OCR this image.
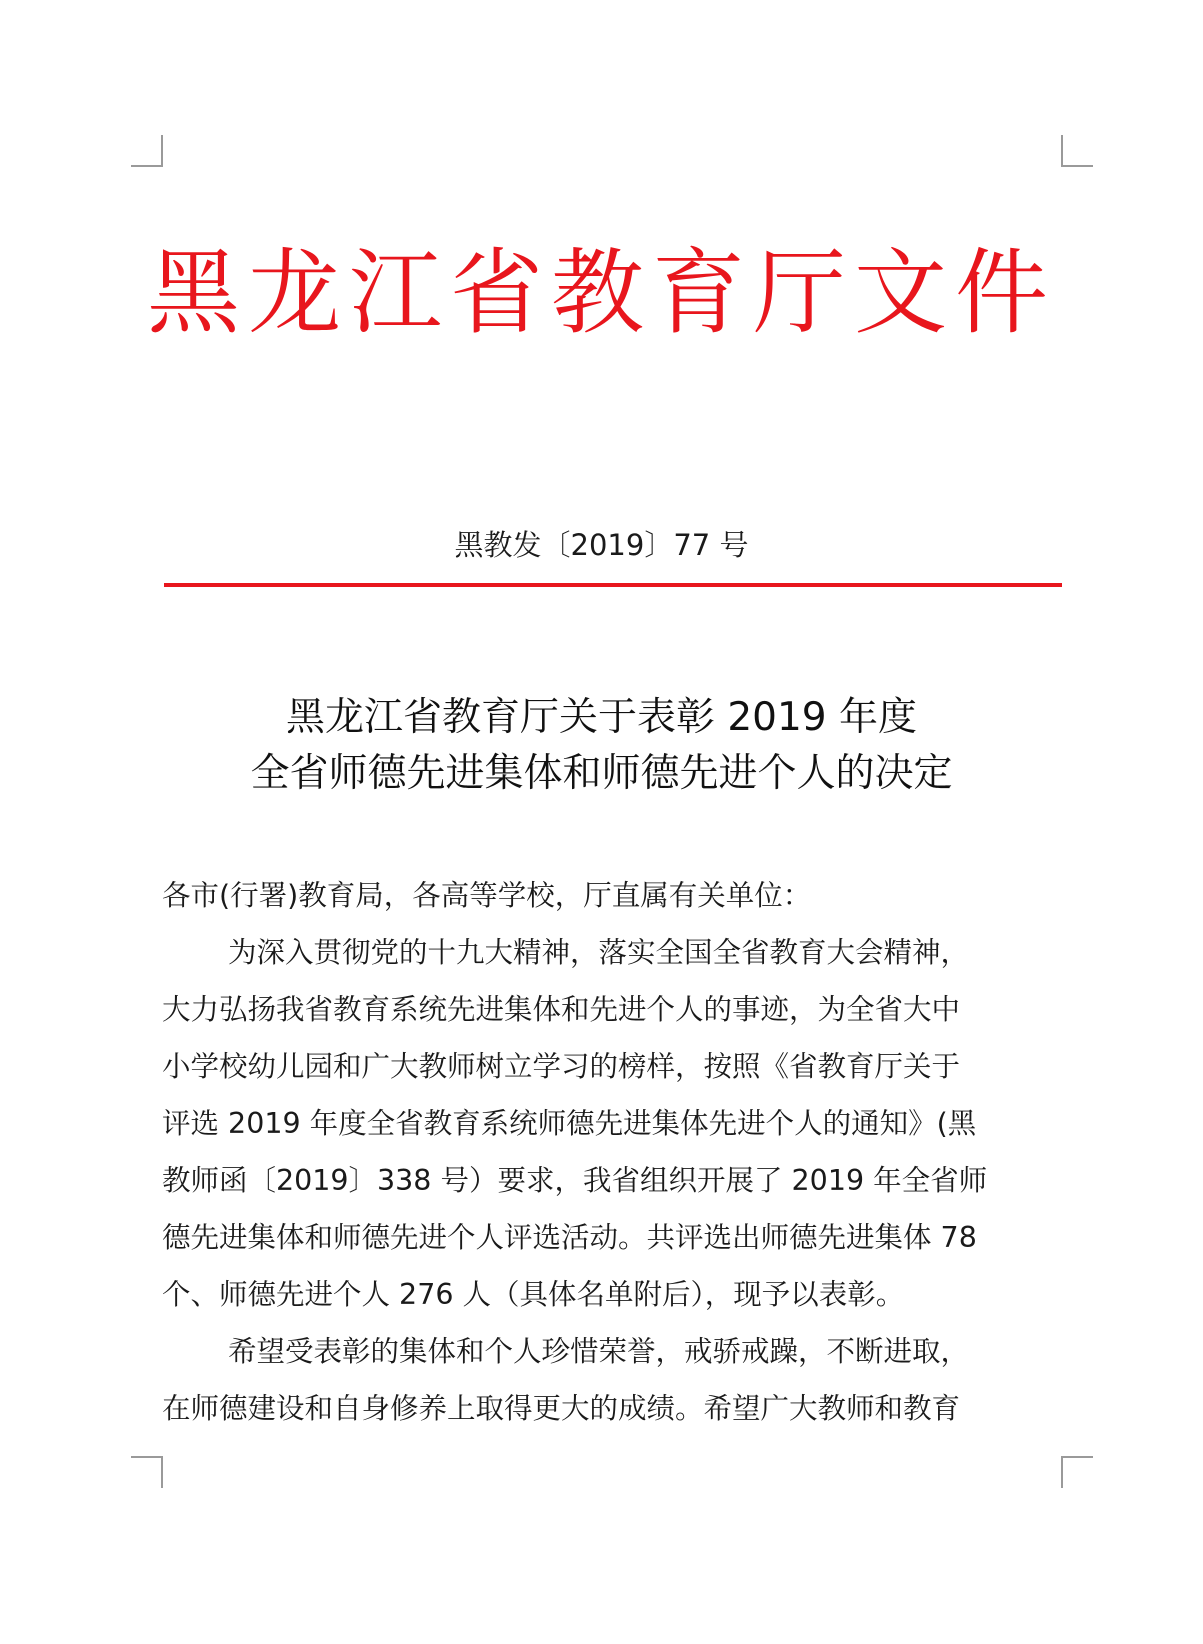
黑龙江省教育厅文件
黑教发〔2019〕77 号
黑龙江省教育厅关于表彰 2019 年度
全省师德先进集体和师德先进个人的决定
各市(行署)教育局，各高等学校，厅直属有关单位：
为深入贯彻党的十九大精神，落实全国全省教育大会精神，
大力弘扬我省教育系统先进集体和先进个人的事迹，为全省大中
小学校幼儿园和广大教师树立学习的榜样，按照《省教育厅关于
评选 2019 年度全省教育系统师德先进集体先进个人的通知》(黑
教师函〔2019〕338 号）要求，我省组织开展了 2019 年全省师
德先进集体和师德先进个人评选活动。共评选出师德先进集体 78
个、师德先进个人 276 人（具体名单附后），现予以表彰。
希望受表彰的集体和个人珍惜荣誉，戒骄戒躁，不断进取，
在师德建设和自身修养上取得更大的成绩。希望广大教师和教育
